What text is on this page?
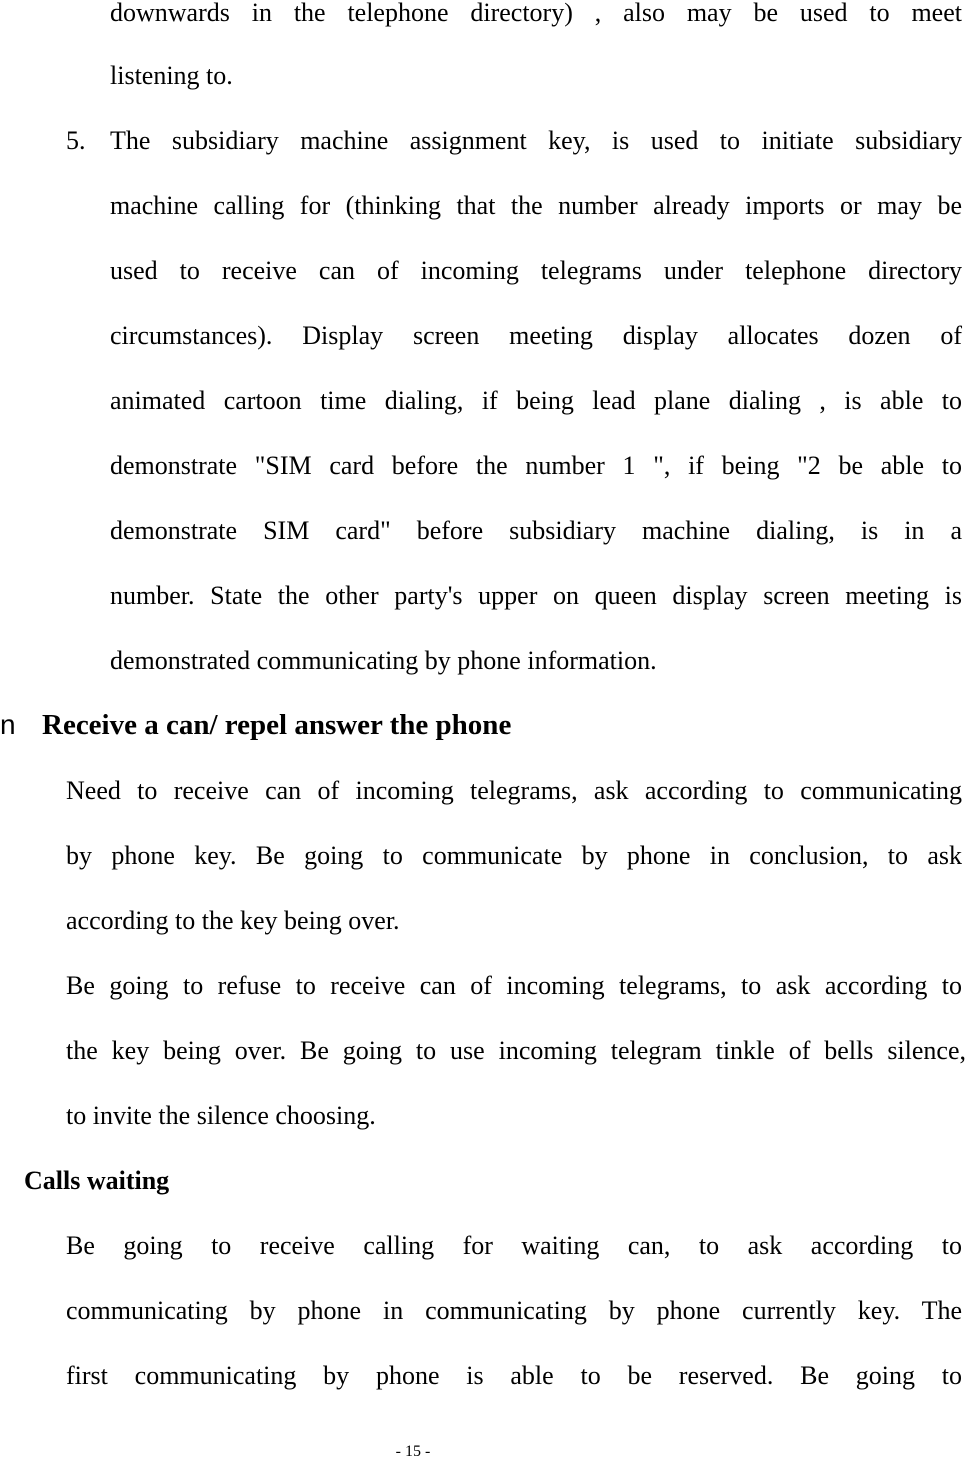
downwards in the telephone directory) , also may be used to meet

listening to.

5. The subsidiary machine assignment key, is used to initiate subsidiary

machine calling for (thinking that the number already imports or may be

used to receive can of incoming telegrams under telephone directory

circumstances). Display screen meeting display allocates dozen of

animated cartoon time dialing, if being lead plane dialing , is able to

demonstrate "SIM card before the number 1 ", if being "2 be able to

demonstrate SIM card" before subsidiary machine dialing, is in a

number. State the other party's upper on queen display screen meeting is

demonstrated communicating by phone information.

n Receive a can/ repel answer the phone

Need to receive can of incoming telegrams, ask according to communicating

by phone key. Be going to communicate by phone in conclusion, to ask

according to the key being over.

Be going to refuse to receive can of incoming telegrams, to ask according to

the key being over. Be going to use incoming telegram tinkle of bells silence,

to invite the silence choosing.

Calls waiting

Be going to receive calling for waiting can, to ask according to

communicating by phone in communicating by phone currently key. The

first communicating by phone is able to be reserved. Be going to

- 15 -
